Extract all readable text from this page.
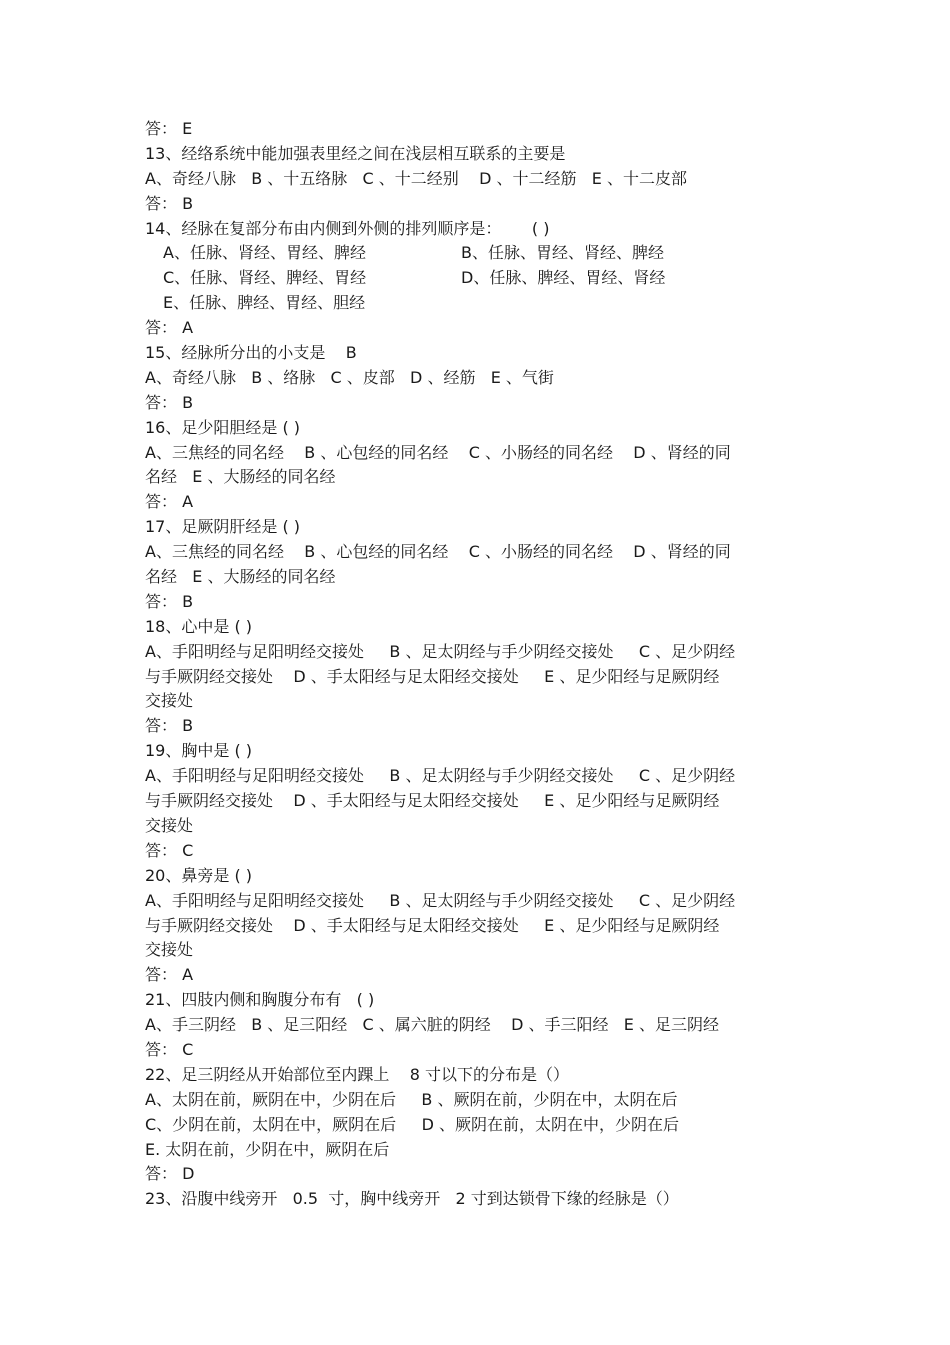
答： E
13、经络系统中能加强表里经之间在浅层相互联系的主要是
A、奇经八脉   B 、十五络脉   C 、十二经别    D 、十二经筋   E 、十二皮部
答： B
14、经脉在复部分布由内侧到外侧的排列顺序是：      ( )
A、任脉、肾经、胃经、脾经	B、任脉、胃经、肾经、脾经
C、任脉、肾经、脾经、胃经	D、任脉、脾经、胃经、肾经
E、任脉、脾经、胃经、胆经
答： A
15、经脉所分出的小支是    B
A、奇经八脉   B 、络脉   C 、皮部   D 、经筋   E 、气街
答： B
16、足少阳胆经是 ( )
A、三焦经的同名经    B 、心包经的同名经    C 、小肠经的同名经    D 、肾经的同
名经   E 、大肠经的同名经
答： A
17、足厥阴肝经是 ( )
A、三焦经的同名经    B 、心包经的同名经    C 、小肠经的同名经    D 、肾经的同
名经   E 、大肠经的同名经
答： B
18、心中是 ( )
A、手阳明经与足阳明经交接处     B 、足太阴经与手少阴经交接处     C 、足少阴经
与手厥阴经交接处    D 、手太阳经与足太阳经交接处     E 、足少阳经与足厥阴经
交接处
答： B
19、胸中是 ( )
A、手阳明经与足阳明经交接处     B 、足太阴经与手少阴经交接处     C 、足少阴经
与手厥阴经交接处    D 、手太阳经与足太阳经交接处     E 、足少阳经与足厥阴经
交接处
答： C
20、鼻旁是 ( )
A、手阳明经与足阳明经交接处     B 、足太阴经与手少阴经交接处     C 、足少阴经
与手厥阴经交接处    D 、手太阳经与足太阳经交接处     E 、足少阳经与足厥阴经
交接处
答： A
21、四肢内侧和胸腹分布有   ( )
A、手三阴经   B 、足三阳经   C 、属六脏的阴经    D 、手三阳经   E 、足三阴经
答： C
22、足三阴经从开始部位至内踝上    8 寸以下的分布是（）
A、太阴在前，厥阴在中，少阴在后     B 、厥阴在前，少阴在中，太阴在后
C、少阴在前，太阴在中，厥阴在后     D 、厥阴在前，太阴在中，少阴在后
E. 太阴在前，少阴在中，厥阴在后
答： D
23、沿腹中线旁开   0.5  寸，胸中线旁开   2 寸到达锁骨下缘的经脉是（）
